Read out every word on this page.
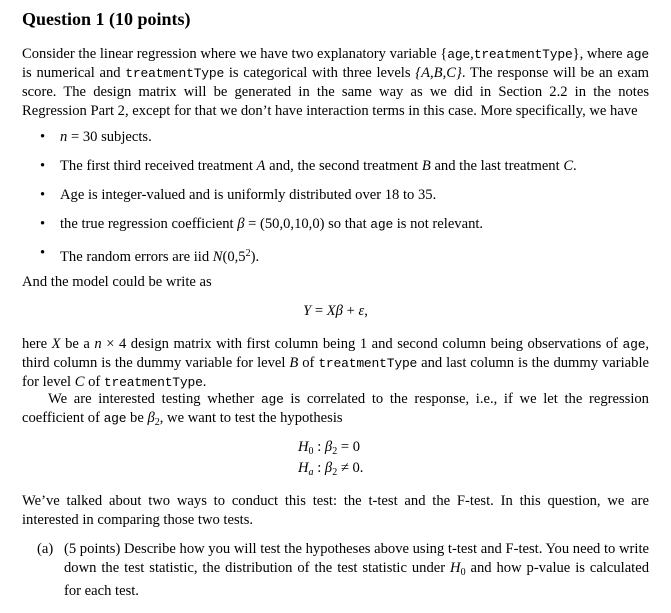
Question 1 (10 points)
Consider the linear regression where we have two explanatory variable {age,treatmentType}, where age is numerical and treatmentType is categorical with three levels {A,B,C}. The response will be an exam score. The design matrix will be generated in the same way as we did in Section 2.2 in the notes Regression Part 2, except for that we don’t have interaction terms in this case. More specifically, we have
• n = 30 subjects.
• The first third received treatment A and, the second treatment B and the last treatment C.
• Age is integer-valued and is uniformly distributed over 18 to 35.
• the true regression coefficient β = (50,0,10,0) so that age is not relevant.
• The random errors are iid $N(0,5^2)$.
And the model could be write as
Y = Xβ + ε,
here X be a n × 4 design matrix with first column being 1 and second column being observations of age, third column is the dummy variable for level B of treatmentType and last column is the dummy variable for level C of treatmentType.
We are interested testing whether age is correlated to the response, i.e., if we let the regression coefficient of age be $\beta_2$, we want to test the hypothesis
$H_0$ : $\beta_2 = 0$
$H_a$ : $\beta_2 \ne 0$.
We’ve talked about two ways to conduct this test: the t-test and the F-test. In this question, we are interested in comparing those two tests.
(a) (5 points) Describe how you will test the hypotheses above using t-test and F-test. You need to write down the test statistic, the distribution of the test statistic under $H_0$ and how p-value is calculated for each test.
